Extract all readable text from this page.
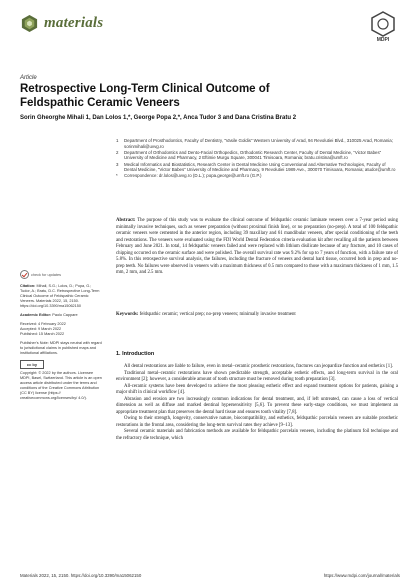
materials
MDPI
Article
Retrospective Long-Term Clinical Outcome of Feldspathic Ceramic Veneers
Sorin Gheorghe Mihali 1, Dan Lolos 1,*, George Popa 2,*, Anca Tudor 3 and Dana Cristina Bratu 2
1	Department of Prosthodontics, Faculty of Dentistry, “Vasile Goldis” Western University of Arad, 94 Revolutiei Blvd., 310025 Arad, Romania; sorinmihali@uvvg.ro
2	Department of Orthodontics and Dento-Facial Orthopedics, Orthodontic Research Center, Faculty of Dental Medicine, “Victor Babes” University of Medicine and Pharmacy, 2 Eftimie Murgu Square, 300041 Timisoara, Romania; bratu.cristina@umft.ro
3	Medical Informatics and Biostatistics, Research Center in Dental Medicine Using Conventional and Alternative Technologies, Faculty of Dental Medicine, “Victor Babes” University of Medicine and Pharmacy, 9 Revolutiei 1989 Ave., 300070 Timisoara, Romania; atudor@umft.ro
*	Correspondence: dr.lolos@uvvg.ro (D.L.); popa.george@umft.ro (G.P.)
Abstract: The purpose of this study was to evaluate the clinical outcome of feldspathic ceramic laminate veneers over a 7-year period using minimally invasive techniques, such as veneer preparation (without proximal finish line), or no preparation (no-prep). A total of 100 feldspathic ceramic veneers were cemented in the anterior region, including 39 maxillary and 61 mandibular veneers, after special conditioning of the teeth and restorations. The veneers were evaluated using the FDI World Dental Federation criteria evaluation kit after recalling all the patients between February and June 2021. In total, 14 feldspathic veneers failed and were replaced with lithium disilicate because of any fracture, and 10 cases of chipping occurred on the ceramic surface and were polished. The overall survival rate was 9.2% for up to 7 years of function, with a failure rate of 5.8%. In this retrospective survival analysis, the failures, including the fracture of veneers and dental hard tissue, occurred both in prep and no-prep teeth. No failures were observed in veneers with a maximum thickness of 0.5 mm compared to those with a maximum thickness of 1 mm, 1.5 mm, 2 mm, and 2.5 mm.
Keywords: feldspathic ceramic; vertical prep; no-prep veneers; minimally invasive treatment
check for updates
Citation: Mihali, S.G.; Lolos, D.; Popa, G.; Tudor, A.; Bratu, D.C. Retrospective Long-Term Clinical Outcome of Feldspathic Ceramic Veneers. Materials 2022, 15, 2150. https://doi.org/10.3390/ma15062150
Academic Editor: Paolo Cappare
Received: 4 February 2022
Accepted: 9 March 2022
Published: 15 March 2022
Publisher’s Note: MDPI stays neutral with regard to jurisdictional claims in published maps and institutional affiliations.
cc by
Copyright: © 2022 by the authors. Licensee MDPI, Basel, Switzerland. This article is an open access article distributed under the terms and conditions of the Creative Commons Attribution (CC BY) license (https:// creativecommons.org/licenses/by/ 4.0/).
1. Introduction

All dental restorations are liable to failure, even in metal–ceramic prosthetic restorations, fractures can jeopardize function and esthetics [1].

Traditional metal–ceramic restorations have shown predictable strength, acceptable esthetic effects, and long-term survival in the oral environment [2]; however, a considerable amount of tooth structure must be removed during tooth preparation [3].

All-ceramic systems have been developed to achieve the most pleasing esthetic effect and expand treatment options for patients, gaining a major shift in clinical workflow [4].

Abrasion and erosion are two increasingly common indications for dental treatment, and, if left untreated, can cause a loss of vertical dimension as well as diffuse and marked dentinal hypersensitivity [5,6]. To prevent these early-stage conditions, we must implement an appropriate treatment plan that preserves the dental hard tissue and ensures tooth vitality [7,8].

Owing to their strength, longevity, conservative nature, biocompatibility, and esthetics, feldspathic porcelain veneers are suitable prosthetic restorations in the frontal area, considering the long-term survival rates they achieve [9–13].

Several ceramic materials and fabrication methods are available for feldspathic porcelain veneers, including the platinum foil technique and the refractory die technique, which

Materials 2022, 15, 2150. https://doi.org/10.3390/ma15062150	https://www.mdpi.com/journal/materials
